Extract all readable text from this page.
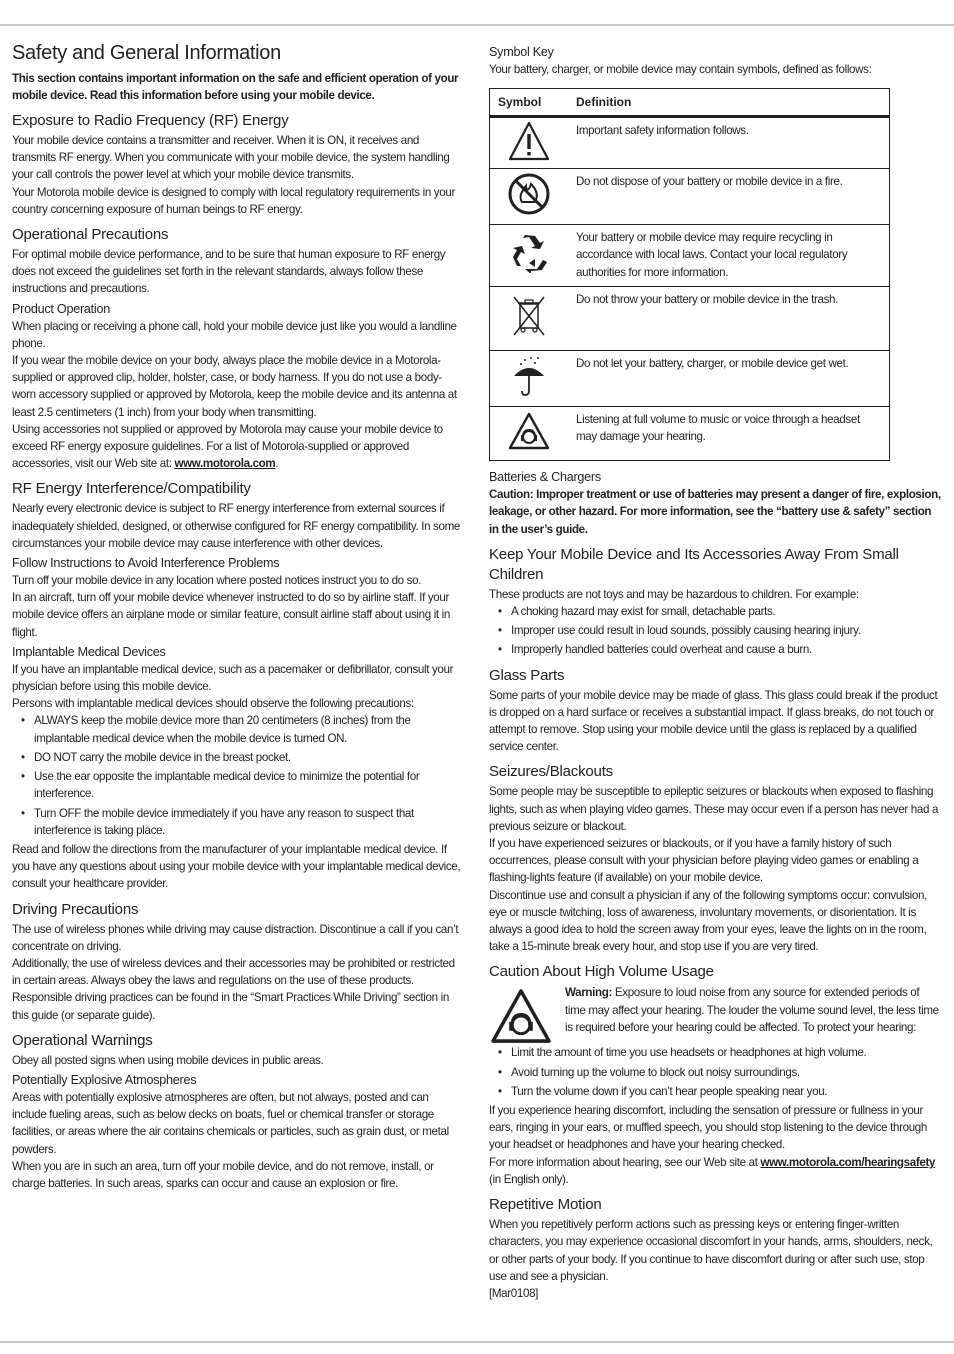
Safety and General Information

This section contains important information on the safe and efficient operation of your mobile device. Read this information before using your mobile device.

Exposure to Radio Frequency (RF) Energy

Your mobile device contains a transmitter and receiver. When it is ON, it receives and transmits RF energy. When you communicate with your mobile device, the system handling your call controls the power level at which your mobile device transmits.

Your Motorola mobile device is designed to comply with local regulatory requirements in your country concerning exposure of human beings to RF energy.

Operational Precautions

For optimal mobile device performance, and to be sure that human exposure to RF energy does not exceed the guidelines set forth in the relevant standards, always follow these instructions and precautions.

Product Operation

When placing or receiving a phone call, hold your mobile device just like you would a landline phone.

If you wear the mobile device on your body, always place the mobile device in a Motorola-supplied or approved clip, holder, holster, case, or body harness. If you do not use a body-worn accessory supplied or approved by Motorola, keep the mobile device and its antenna at least 2.5 centimeters (1 inch) from your body when transmitting.

Using accessories not supplied or approved by Motorola may cause your mobile device to exceed RF energy exposure guidelines. For a list of Motorola-supplied or approved accessories, visit our Web site at: www.motorola.com.

RF Energy Interference/Compatibility

Nearly every electronic device is subject to RF energy interference from external sources if inadequately shielded, designed, or otherwise configured for RF energy compatibility. In some circumstances your mobile device may cause interference with other devices.

Follow Instructions to Avoid Interference Problems

Turn off your mobile device in any location where posted notices instruct you to do so.

In an aircraft, turn off your mobile device whenever instructed to do so by airline staff. If your mobile device offers an airplane mode or similar feature, consult airline staff about using it in flight.

Implantable Medical Devices

If you have an implantable medical device, such as a pacemaker or defibrillator, consult your physician before using this mobile device.

Persons with implantable medical devices should observe the following precautions:

• ALWAYS keep the mobile device more than 20 centimeters (8 inches) from the implantable medical device when the mobile device is turned ON.
• DO NOT carry the mobile device in the breast pocket.
• Use the ear opposite the implantable medical device to minimize the potential for interference.
• Turn OFF the mobile device immediately if you have any reason to suspect that interference is taking place.

Read and follow the directions from the manufacturer of your implantable medical device. If you have any questions about using your mobile device with your implantable medical device, consult your healthcare provider.

Driving Precautions

The use of wireless phones while driving may cause distraction. Discontinue a call if you can’t concentrate on driving.

Additionally, the use of wireless devices and their accessories may be prohibited or restricted in certain areas. Always obey the laws and regulations on the use of these products.

Responsible driving practices can be found in the “Smart Practices While Driving” section in this guide (or separate guide).

Operational Warnings

Obey all posted signs when using mobile devices in public areas.

Potentially Explosive Atmospheres

Areas with potentially explosive atmospheres are often, but not always, posted and can include fueling areas, such as below decks on boats, fuel or chemical transfer or storage facilities, or areas where the air contains chemicals or particles, such as grain dust, or metal powders.

When you are in such an area, turn off your mobile device, and do not remove, install, or charge batteries. In such areas, sparks can occur and cause an explosion or fire.

Symbol Key

Your battery, charger, or mobile device may contain symbols, defined as follows:

Symbol	Definition
	Important safety information follows.
	Do not dispose of your battery or mobile device in a fire.
	Your battery or mobile device may require recycling in accordance with local laws. Contact your local regulatory authorities for more information.
	Do not throw your battery or mobile device in the trash.
	Do not let your battery, charger, or mobile device get wet.
	Listening at full volume to music or voice through a headset may damage your hearing.
Batteries & Chargers

Caution: Improper treatment or use of batteries may present a danger of fire, explosion, leakage, or other hazard. For more information, see the “battery use & safety” section in the user’s guide.

Keep Your Mobile Device and Its Accessories Away From Small Children

These products are not toys and may be hazardous to children. For example:

• A choking hazard may exist for small, detachable parts.
• Improper use could result in loud sounds, possibly causing hearing injury.
• Improperly handled batteries could overheat and cause a burn.
Glass Parts

Some parts of your mobile device may be made of glass. This glass could break if the product is dropped on a hard surface or receives a substantial impact. If glass breaks, do not touch or attempt to remove. Stop using your mobile device until the glass is replaced by a qualified service center.

Seizures/Blackouts

Some people may be susceptible to epileptic seizures or blackouts when exposed to flashing lights, such as when playing video games. These may occur even if a person has never had a previous seizure or blackout.

If you have experienced seizures or blackouts, or if you have a family history of such occurrences, please consult with your physician before playing video games or enabling a flashing-lights feature (if available) on your mobile device.

Discontinue use and consult a physician if any of the following symptoms occur: convulsion, eye or muscle twitching, loss of awareness, involuntary movements, or disorientation. It is always a good idea to hold the screen away from your eyes, leave the lights on in the room, take a 15-minute break every hour, and stop use if you are very tired.

Caution About High Volume Usage

Warning: Exposure to loud noise from any source for extended periods of time may affect your hearing. The louder the volume sound level, the less time is required before your hearing could be affected. To protect your hearing:

• Limit the amount of time you use headsets or headphones at high volume.
• Avoid turning up the volume to block out noisy surroundings.
• Turn the volume down if you can’t hear people speaking near you.

If you experience hearing discomfort, including the sensation of pressure or fullness in your ears, ringing in your ears, or muffled speech, you should stop listening to the device through your headset or headphones and have your hearing checked.

For more information about hearing, see our Web site at www.motorola.com/hearingsafety (in English only).

Repetitive Motion

When you repetitively perform actions such as pressing keys or entering finger-written characters, you may experience occasional discomfort in your hands, arms, shoulders, neck, or other parts of your body. If you continue to have discomfort during or after such use, stop use and see a physician.

[Mar0108]
